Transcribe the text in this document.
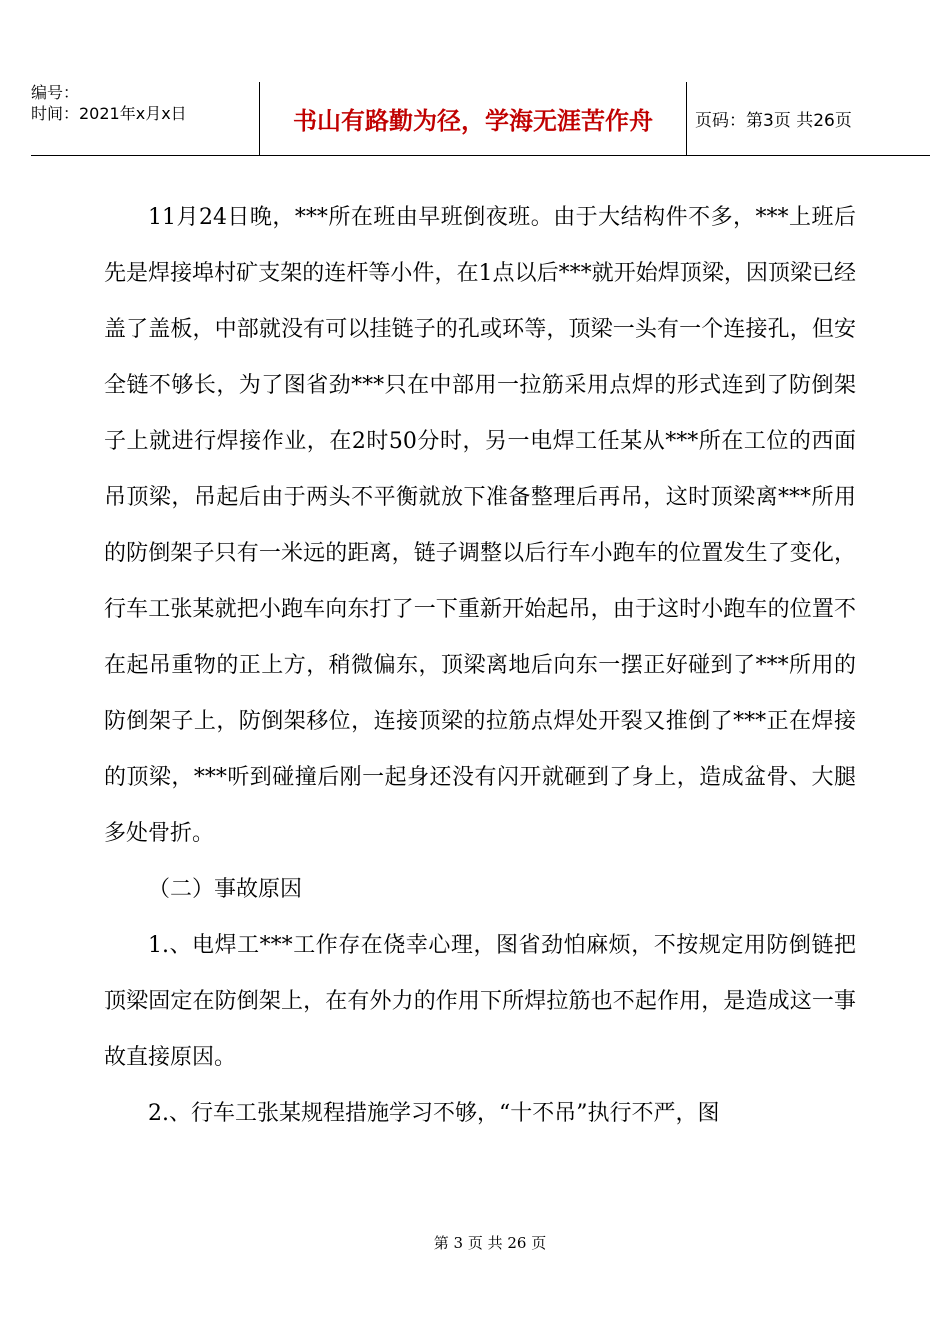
编号：
时间：2021年x月x日	书山有路勤为径，学海无涯苦作舟	页码：第3页 共26页

11月24日晚，***所在班由早班倒夜班。由于大结构件不多，***上班后先是焊接埠村矿支架的连杆等小件，在1点以后***就开始焊顶梁，因顶梁已经盖了盖板，中部就没有可以挂链子的孔或环等，顶梁一头有一个连接孔，但安全链不够长，为了图省劲***只在中部用一拉筋采用点焊的形式连到了防倒架子上就进行焊接作业，在2时50分时，另一电焊工任某从***所在工位的西面吊顶梁，吊起后由于两头不平衡就放下准备整理后再吊，这时顶梁离***所用的防倒架子只有一米远的距离，链子调整以后行车小跑车的位置发生了变化，行车工张某就把小跑车向东打了一下重新开始起吊，由于这时小跑车的位置不在起吊重物的正上方，稍微偏东，顶梁离地后向东一摆正好碰到了***所用的防倒架子上，防倒架移位，连接顶梁的拉筋点焊处开裂又推倒了***正在焊接的顶梁，***听到碰撞后刚一起身还没有闪开就砸到了身上，造成盆骨、大腿多处骨折。

（二）事故原因

1.、电焊工***工作存在侥幸心理，图省劲怕麻烦，不按规定用防倒链把顶梁固定在防倒架上，在有外力的作用下所焊拉筋也不起作用，是造成这一事故直接原因。

2.、行车工张某规程措施学习不够，“十不吊”执行不严，图

第 3 页 共 26 页
